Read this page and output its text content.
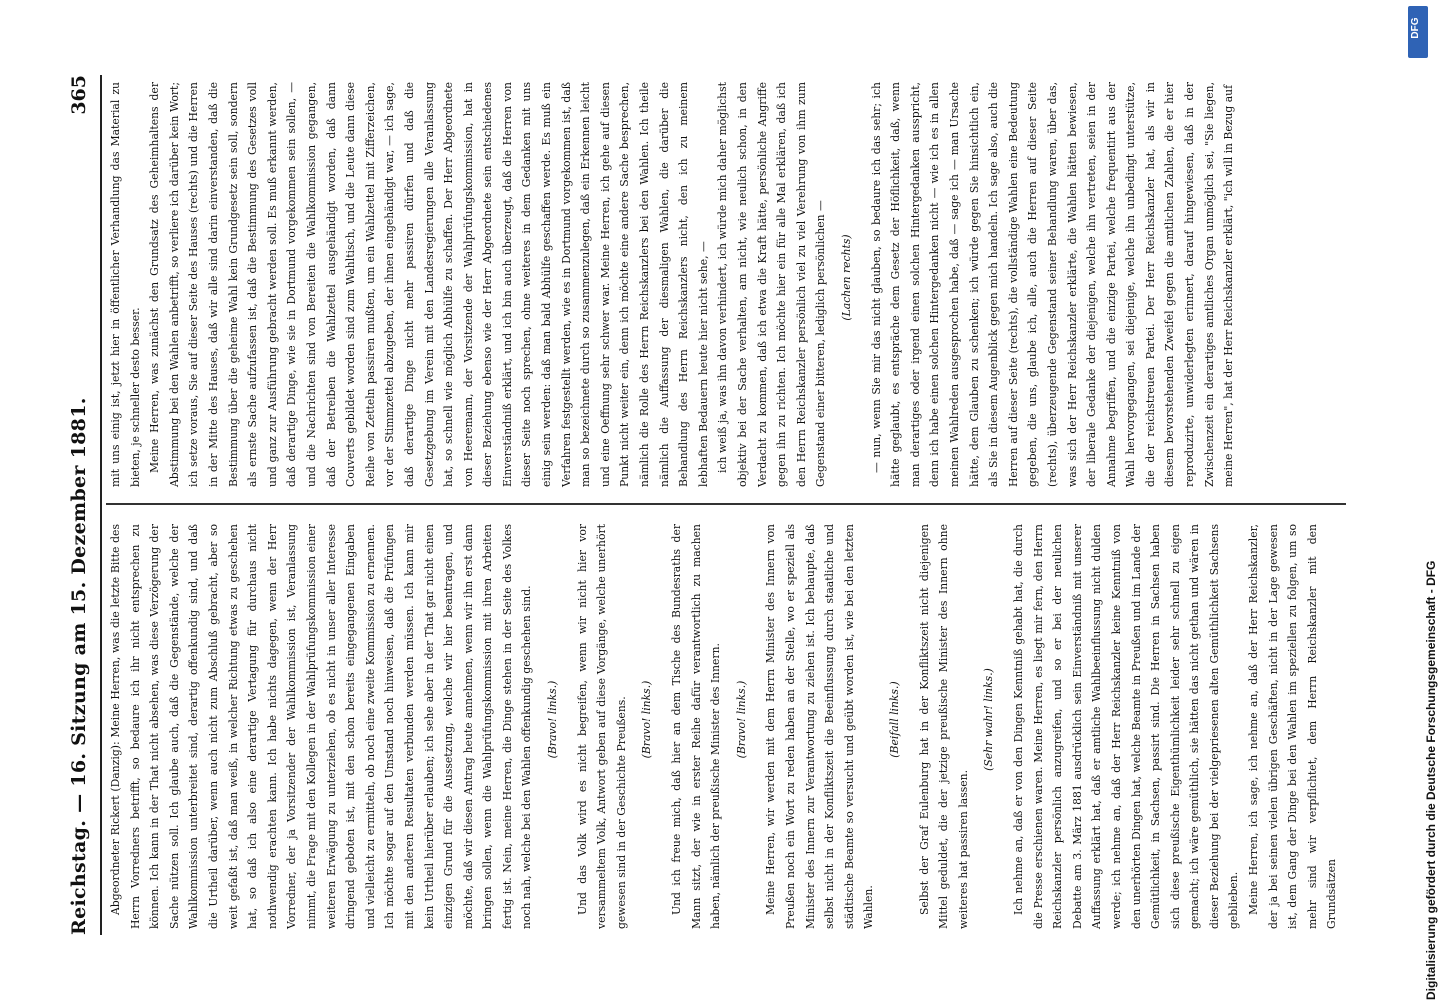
Reichstag. — 16. Sitzung am 15. Dezember 1881.
365

Abgeordneter Rickert (Danzig): Meine Herren, was die letzte Bitte des Herrn Vorredners betrifft, so bedaure ich ihr nicht entsprechen zu können. Ich kann in der That nicht absehen, was diese Verzögerung der Sache nützen soll. Ich glaube auch, daß die Gegenstände, welche der Wahlkommission unterbreitet sind, derartig offenkundig sind, und daß die Urtheil darüber, wenn auch nicht zum Abschluß gebracht, aber so weit gefaßt ist, daß man weiß, in welcher Richtung etwas zu geschehen hat, so daß ich also eine derartige Vertagung für durchaus nicht nothwendig erachten kann. Ich habe nichts dagegen, wenn der Herr Vorredner, der ja Vorsitzender der Wahlkommission ist, Veranlassung nimmt, die Frage mit den Kollegen in der Wahlprüfungskommission einer weiteren Erwägung zu unterziehen, ob es nicht in unser aller Interesse dringend geboten ist, mit den schon bereits eingegangenen Eingaben und vielleicht zu ermitteln, ob noch eine zweite Kommission zu ernennen. Ich möchte sogar auf den Umstand noch hinweisen, daß die Prüfungen mit den anderen Resultaten verbunden werden müssen. Ich kann mir kein Urtheil hierüber erlauben; ich sehe aber in der That gar nicht einen einzigen Grund für die Aussetzung, welche wir hier beantragen, und möchte, daß wir diesen Antrag heute annehmen, wenn wir ihn erst dann bringen sollen, wenn die Wahlprüfungskommission mit ihren Arbeiten fertig ist. Nein, meine Herren, die Dinge stehen in der Seite des Volkes noch nah, welche bei den Wahlen offenkundig geschehen sind.	(Bravo! links.)	Und das Volk wird es nicht begreifen, wenn wir nicht hier vor versammeltem Volk, Antwort geben auf diese Vorgänge, welche unerhört gewesen sind in der Geschichte Preußens.	(Bravo! links.)	Und ich freue mich, daß hier an dem Tische des Bundesraths der Mann sitzt, der wie in erster Reihe dafür verantwortlich zu machen haben, nämlich der preußische Minister des Innern.	(Bravo! links.)	Meine Herren, wir werden mit dem Herrn Minister des Innern von Preußen noch ein Wort zu reden haben an der Stelle, wo er speziell als Minister des Innern zur Verantwortung zu ziehen ist. Ich behaupte, daß selbst nicht in der Konfliktszeit die Beeinflussung durch staatliche und städtische Beamte so versucht und geübt worden ist, wie bei den letzten Wahlen.

(Beifall links.)	Selbst der Graf Eulenburg hat in der Konfliktszeit nicht diejenigen Mittel geduldet, die der jetzige preußische Minister des Innern ohne weiteres hat passiren lassen.

(Sehr wahr! links.)	Ich nehme an, daß er von den Dingen Kenntniß gehabt hat, die durch die Presse erschienen waren. Meine Herren, es liegt mir fern, den Herrn Reichskanzler persönlich anzugreifen, und so er bei der neulichen Debatte am 3. März 1881 ausdrücklich sein Einverständniß mit unserer Auffassung erklärt hat, daß er amtliche Wahlbeeinflussung nicht dulden werde; ich nehme an, daß der Herr Reichskanzler keine Kenntniß von den unerhörten Dingen hat, welche Beamte in Preußen und im Lande der Gemütlichkeit, in Sachsen, passirt sind. Die Herren in Sachsen haben sich diese preußische Eigenthümlichkeit leider sehr schnell zu eigen gemacht; ich wäre gemüthlich, sie hätten das nicht gethan und wären in dieser Beziehung bei der vielgepriesenen alten Gemüthlichkeit Sachsens geblieben. Meine Herren, ich sage, ich nehme an, daß der Herr Reichskanzler, der ja bei seinen vielen übrigen Geschäften, nicht in der Lage gewesen ist, dem Gang der Dinge bei den Wahlen im speziellen zu folgen, um so mehr sind wir verpflichtet, dem Herrn Reichskanzler mit den Grundsätzen

mit uns einig ist, jetzt hier in öffentlicher Verhandlung das Material zu bieten, je schneller desto besser. Meine Herren, was zunächst den Grundsatz des Geheimhaltens der Abstimmung bei den Wahlen anbetrifft, so verliere ich darüber kein Wort; ich setze voraus, Sie auf dieser Seite des Hauses (rechts) und die Herren in der Mitte des Hauses, daß wir alle sind darin einverstanden, daß die Bestimmung über die geheime Wahl kein Grundgesetz sein soll, sondern als ernste Sache aufzufassen ist, daß die Bestimmung des Gesetzes voll und ganz zur Ausführung gebracht werden soll. Es muß erkannt werden, daß derartige Dinge, wie sie in Dortmund vorgekommen sein sollen, — und die Nachrichten sind von Bereiten die Wahlkommission gegangen, daß der Betreiben die Wahlzettel ausgehändigt worden, daß dann Couverts gebildet worden sind zum Wahltisch, und die Leute dann diese Reihe von Zetteln passiren mußten, um ein Wahlzettel mit Zifferzeichen, vor der Stimmzettel abzugeben, der ihnen eingehändigt war, — ich sage, daß derartige Dinge nicht mehr passiren dürfen und daß die Gesetzgebung im Verein mit den Landesregierungen alle Veranlassung hat, so schnell wie möglich Abhülfe zu schaffen. Der Herr Abgeordnete von Heeremann, der Vorsitzende der Wahlprüfungskommission, hat in dieser Beziehung ebenso wie der Herr Abgeordnete sein entschiedenes Einverständniß erklärt, und ich bin auch überzeugt, daß die Herren von dieser Seite noch sprechen, ohne weiteres in dem Gedanken mit uns einig sein werden: daß man bald Abhülfe geschaffen werde. Es muß ein Verfahren festgestellt werden, wie es in Dortmund vorgekommen ist, daß man so bezeichnete durch so zusammenzulegen, daß ein Erkennen leicht und eine Oeffnung sehr schwer war. Meine Herren, ich gehe auf diesen Punkt nicht weiter ein, denn ich möchte eine andere Sache besprechen, nämlich die Rolle des Herrn Reichskanzlers bei den Wahlen. Ich theile nämlich die Auffassung der diesmaligen Wahlen, die darüber die Behandlung des Herrn Reichskanzlers nicht, den ich zu meinem lebhaften Bedauern heute hier nicht sehe, — ich weiß ja, was ihn davon verhindert, ich würde mich daher möglichst objektiv bei der Sache verhalten, am nicht, wie neulich schon, in den Verdacht zu kommen, daß ich etwa die Kraft hätte, persönliche Angriffe gegen ihn zu richten. Ich möchte hier ein für alle Mal erklären, daß ich den Herrn Reichskanzler persönlich viel zu viel Verehrung von ihm zum Gegenstand einer bitteren, lediglich persönlichen —	(Lachen rechts)	— nun, wenn Sie mir das nicht glauben, so bedaure ich das sehr; ich hätte geglaubt, es entspräche dem Gesetz der Höflichkeit, daß, wenn man derartiges oder irgend einen solchen Hintergedanken ausspricht, denn ich habe einen solchen Hintergedanken nicht — wie ich es in allen meinen Wahlreden ausgesprochen habe, daß — sage ich — man Ursache hätte, dem Glauben zu schenken; ich würde gegen Sie hinsichtlich ein, als Sie in diesem Augenblick gegen mich handeln. Ich sage also, auch die Herren auf dieser Seite (rechts), die vollständige Wahlen eine Bedeutung gegeben, die uns, glaube ich, alle, auch die Herren auf dieser Seite (rechts), überzeugende Gegenstand seiner Behandlung waren, über das, was sich der Herr Reichskanzler erklärte, die Wahlen hätten bewiesen, der liberale Gedanke der diejenigen, welche ihn vertreten, seien in der Annahme begriffen, und die einzige Partei, welche frequentirt aus der Wahl hervorgegangen, sei diejenige, welche ihn unbedingt unterstütze, die der reichstreuen Partei. Der Herr Reichskanzler hat, als wir in diesem bevorstehenden Zweifel gegen die amtlichen Zahlen, die er hier reproduzirte, unwiderlegten erinnert, darauf hingewiesen, daß in der Zwischenzeit ein derartiges amtliches Organ unmöglich sei, "Sie liegen, meine Herren", hat der Herr Reichskanzler erklärt, "ich will in Bezug auf

Digitalisierung gefördert durch die Deutsche Forschungsgemeinschaft - DFG
DFG
